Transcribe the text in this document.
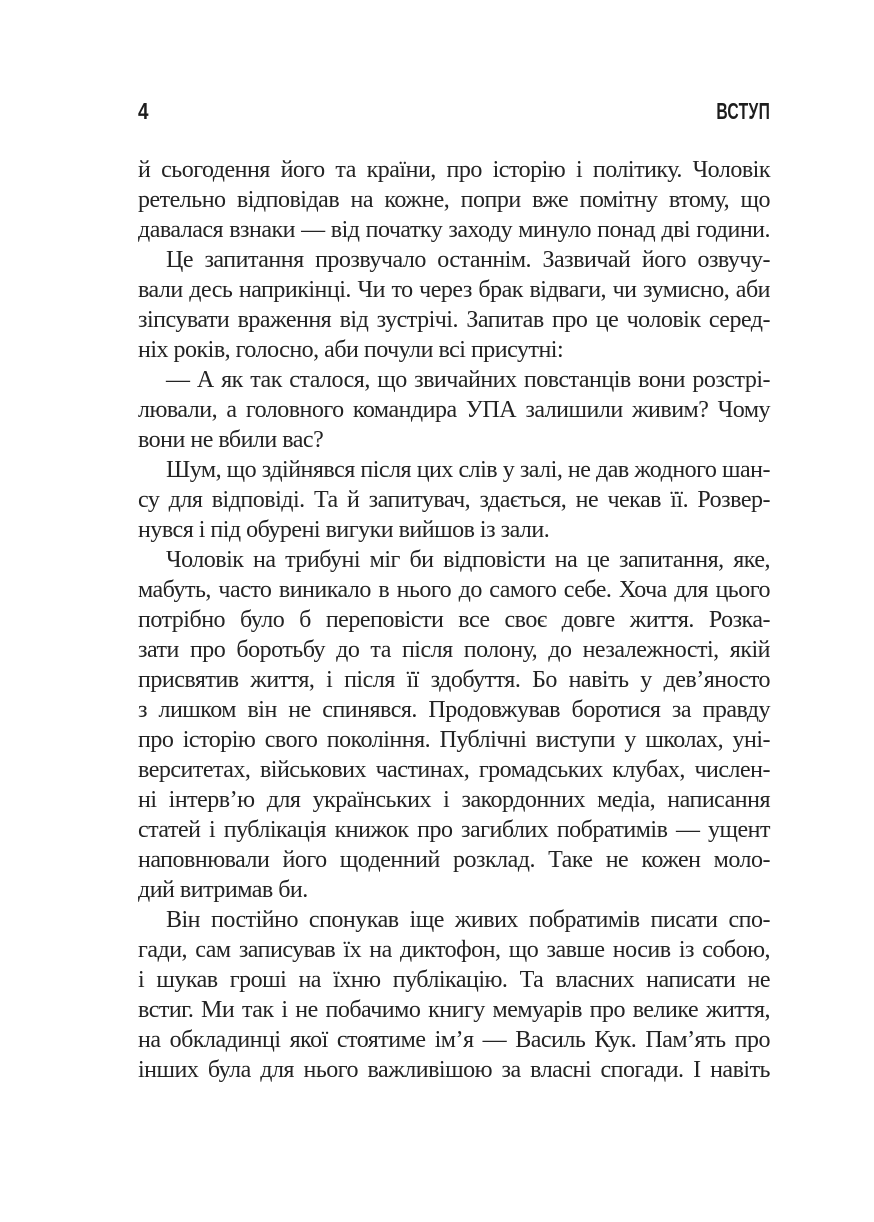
4	ВСТУП
й сьогодення його та країни, про історію і політику. Чоловік
ретельно відповідав на кожне, попри вже помітну втому, що
давалася взнаки — від початку заходу минуло понад дві години.
Це запитання прозвучало останнім. Зазвичай його озвучу-
вали десь наприкінці. Чи то через брак відваги, чи зумисно, аби
зіпсувати враження від зустрічі. Запитав про це чоловік серед-
ніх років, голосно, аби почули всі присутні:
— А як так сталося, що звичайних повстанців вони розстрі-
лювали, а головного командира УПА залишили живим? Чому
вони не вбили вас?
Шум, що здійнявся після цих слів у залі, не дав жодного шан-
су для відповіді. Та й запитувач, здається, не чекав її. Розвер-
нувся і під обурені вигуки вийшов із зали.
Чоловік на трибуні міг би відповісти на це запитання, яке,
мабуть, часто виникало в нього до самого себе. Хоча для цього
потрібно було б переповісти все своє довге життя. Розка-
зати про боротьбу до та після полону, до незалежності, якій
присвятив життя, і після її здобуття. Бо навіть у дев’яносто
з лишком він не спинявся. Продовжував боротися за правду
про історію свого покоління. Публічні виступи у школах, уні-
верситетах, військових частинах, громадських клубах, числен-
ні інтерв’ю для українських і закордонних медіа, написання
статей і публікація книжок про загиблих побратимів — ущент
наповнювали його щоденний розклад. Таке не кожен моло-
дий витримав би.
Він постійно спонукав іще живих побратимів писати спо-
гади, сам записував їх на диктофон, що завше носив із собою,
і шукав гроші на їхню публікацію. Та власних написати не
встиг. Ми так і не побачимо книгу мемуарів про велике життя,
на обкладинці якої стоятиме ім’я — Василь Кук. Пам’ять про
інших була для нього важливішою за власні спогади. І навіть
